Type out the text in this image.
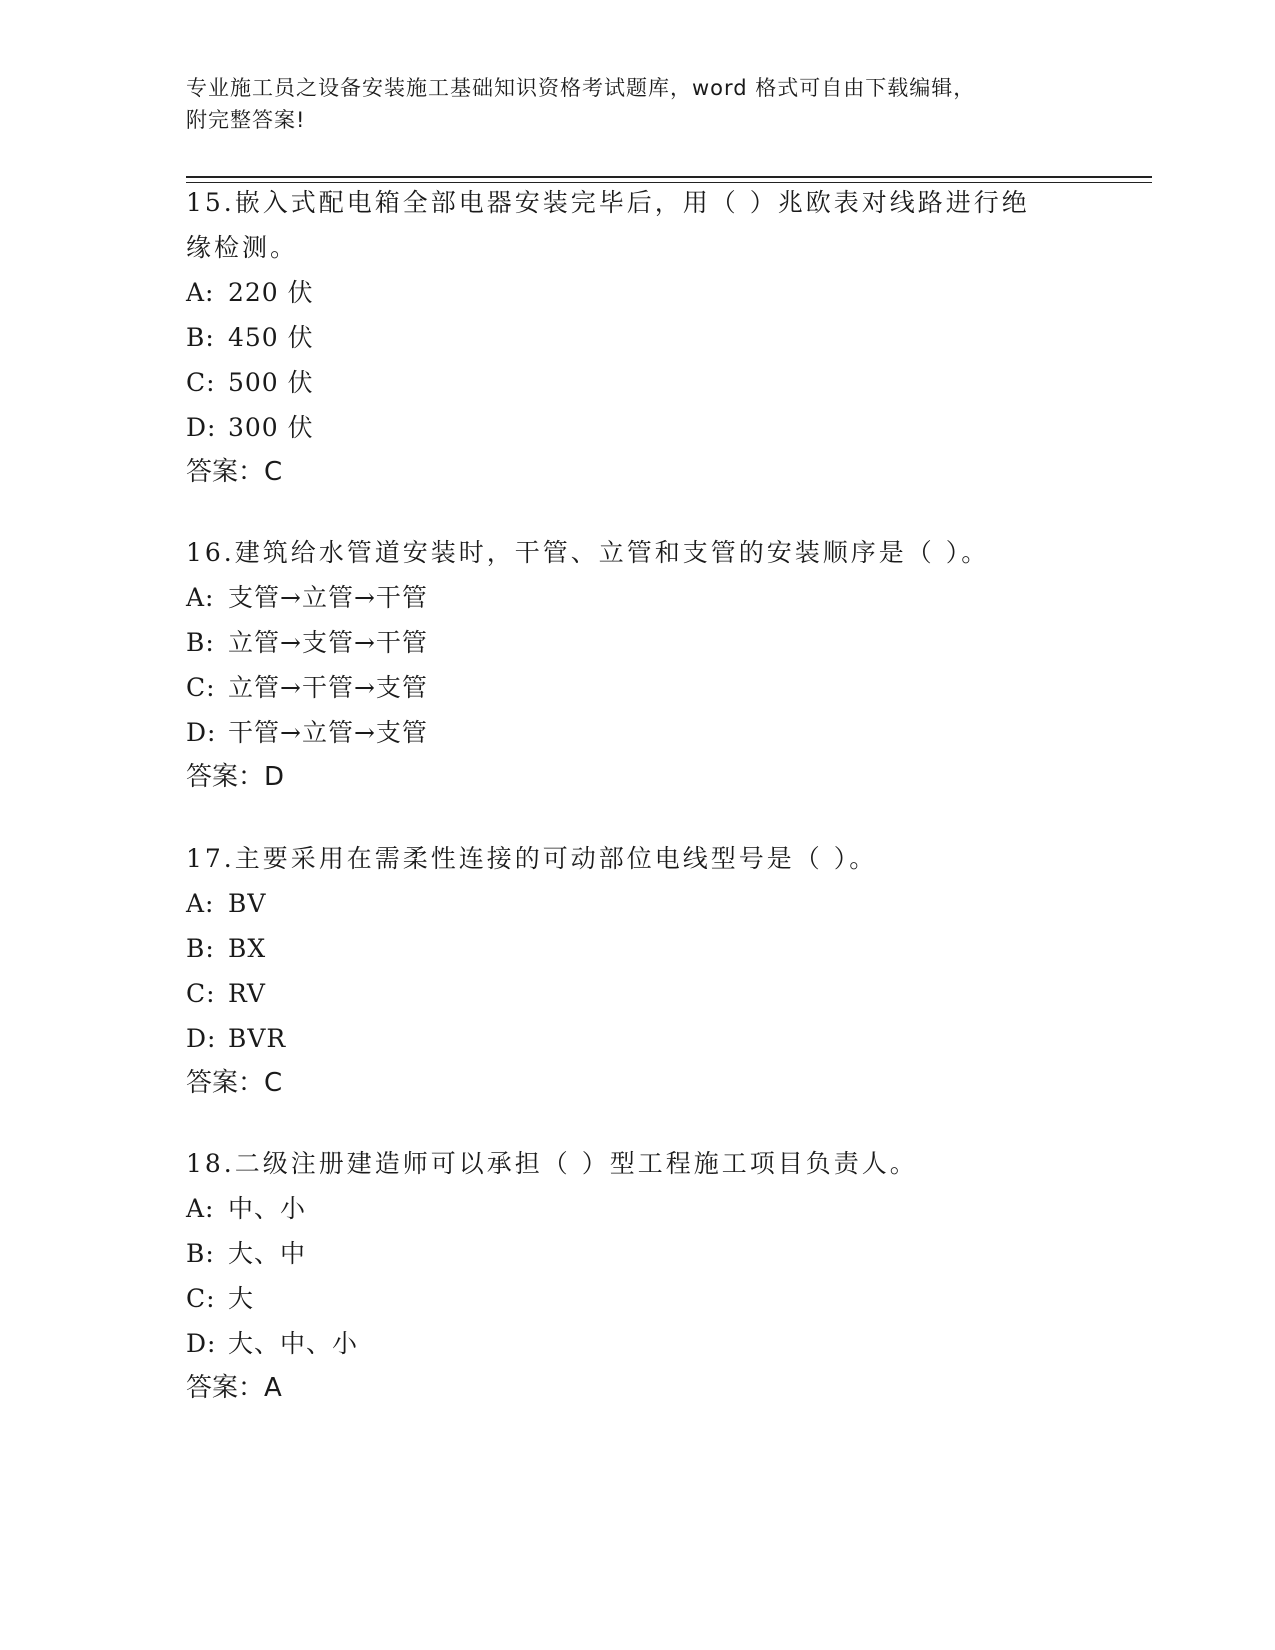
专业施工员之设备安装施工基础知识资格考试题库，word 格式可自由下载编辑，
附完整答案!

15.嵌入式配电箱全部电器安装完毕后，用（ ）兆欧表对线路进行绝缘检测。

A: 220 伏
B: 450 伏
C: 500 伏
D: 300 伏
答案：C

16.建筑给水管道安装时，干管、立管和支管的安装顺序是（ ）。

A: 支管→立管→干管
B: 立管→支管→干管
C: 立管→干管→支管
D: 干管→立管→支管
答案：D

17.主要采用在需柔性连接的可动部位电线型号是（ ）。

A: BV
B: BX
C: RV
D: BVR
答案：C

18.二级注册建造师可以承担（ ）型工程施工项目负责人。

A: 中、小
B: 大、中
C: 大
D: 大、中、小
答案：A
